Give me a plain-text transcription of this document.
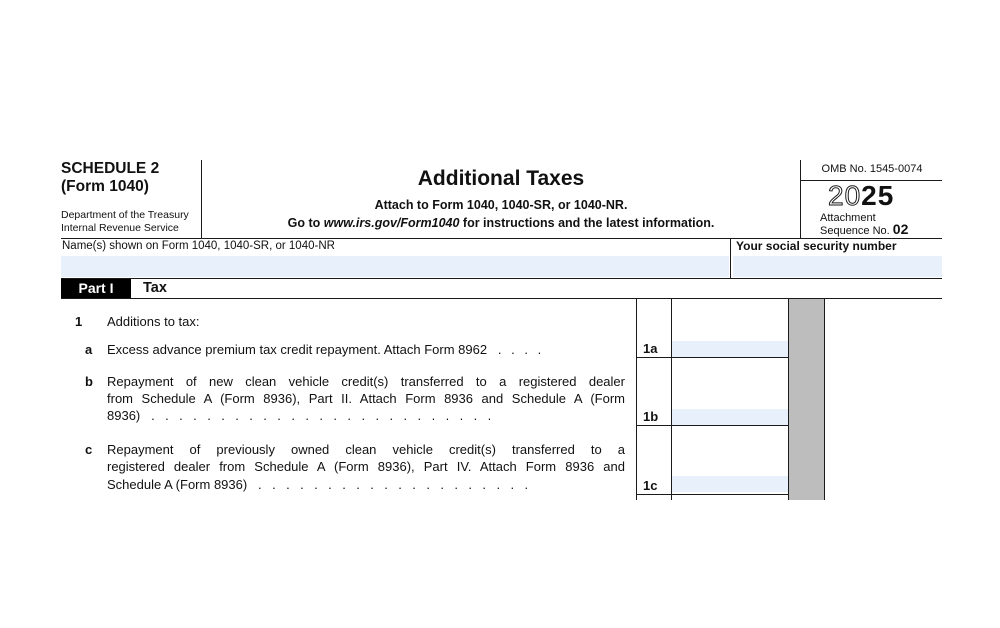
SCHEDULE 2
(Form 1040)
Department of the Treasury
Internal Revenue Service
Additional Taxes
Attach to Form 1040, 1040-SR, or 1040-NR.
Go to www.irs.gov/Form1040 for instructions and the latest information.
OMB No. 1545-0074
2025
Attachment
Sequence No. 02
Name(s) shown on Form 1040, 1040-SR, or 1040-NR	Your social security number
Part I	Tax
1 Additions to tax:
a Excess advance premium tax credit repayment. Attach Form 8962 . . . .	1a
b Repayment of new clean vehicle credit(s) transferred to a registered dealer
from Schedule A (Form 8936), Part II. Attach Form 8936 and Schedule A (Form
8936) . . . . . . . . . . . . . . . . . . . . . . . . .	1b
c Repayment of previously owned clean vehicle credit(s) transferred to a
registered dealer from Schedule A (Form 8936), Part IV. Attach Form 8936 and
Schedule A (Form 8936) . . . . . . . . . . . . . . . . . . . .	1c
